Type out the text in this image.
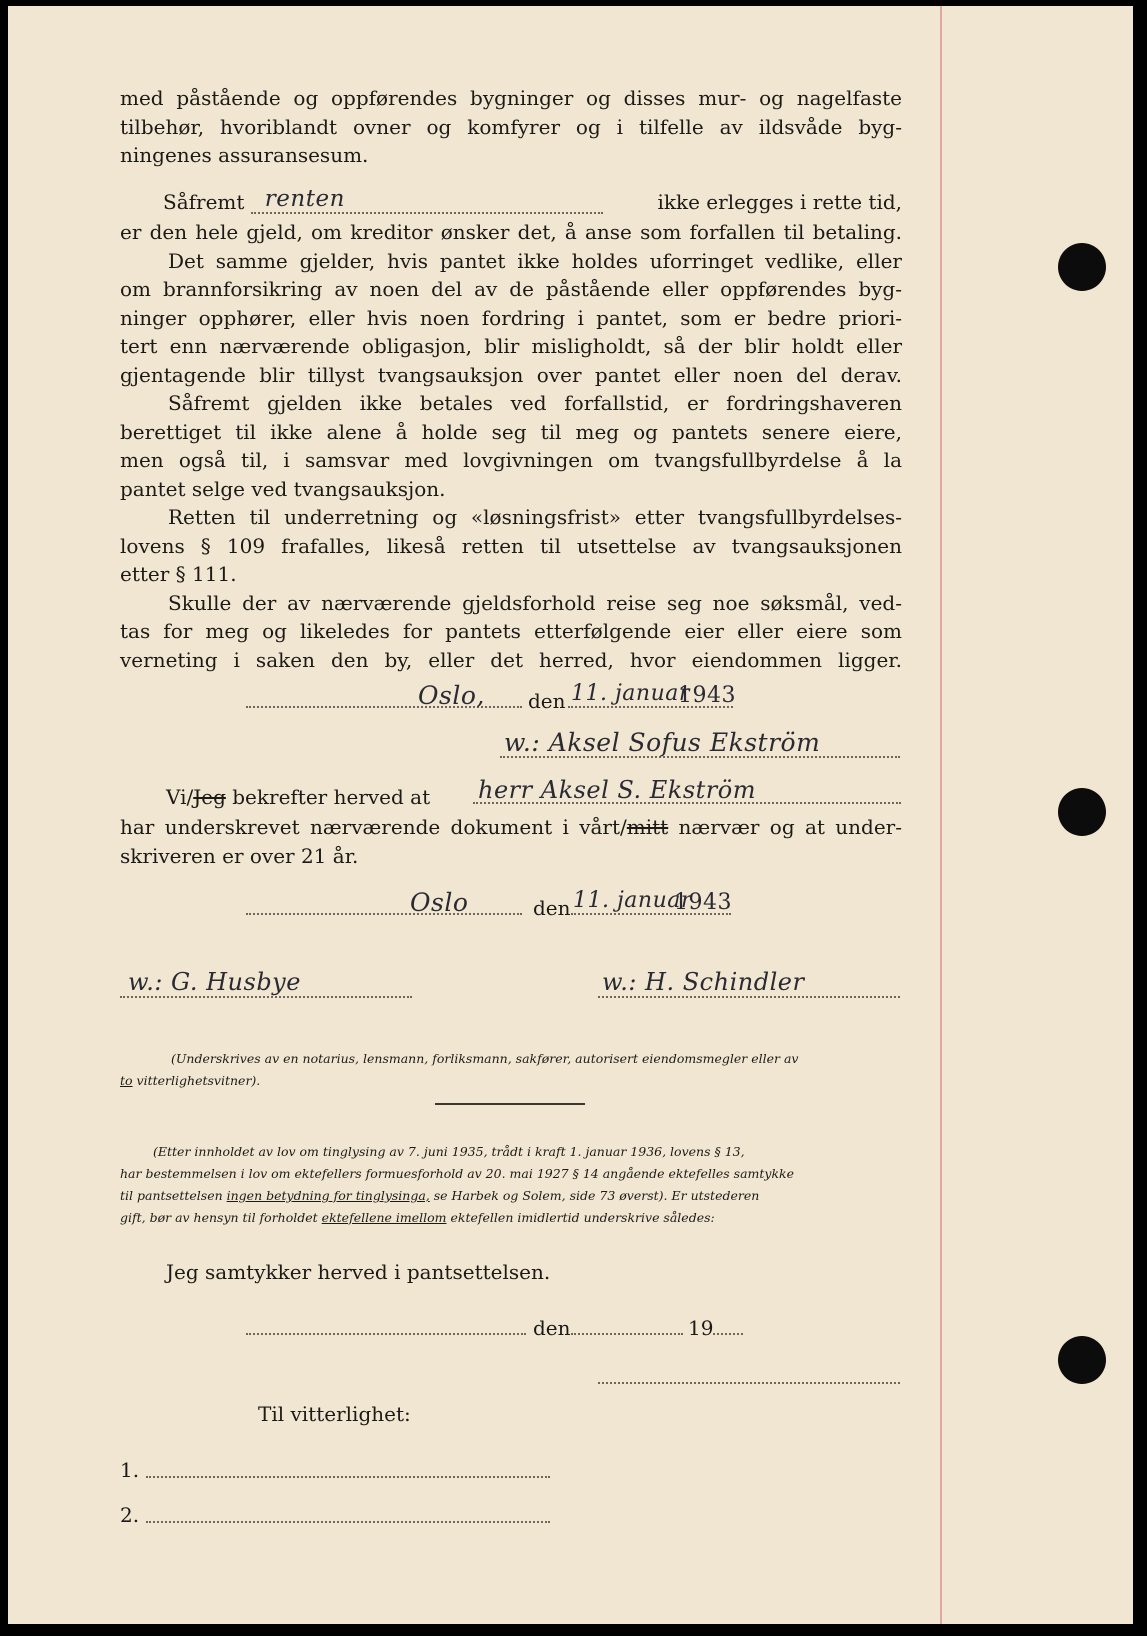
med påstående og oppførendes bygninger og disses mur- og nagelfaste
tilbehør, hvoriblandt ovner og komfyrer og i tilfelle av ildsvåde byg-
ningenes assuransesum.
Såfremt renten	ikke erlegges i rette tid,
er den hele gjeld, om kreditor ønsker det, å anse som forfallen til betaling.
Det samme gjelder, hvis pantet ikke holdes uforringet vedlike, eller
om brannforsikring av noen del av de påstående eller oppførendes byg-
ninger opphører, eller hvis noen fordring i pantet, som er bedre priori-
tert enn nærværende obligasjon, blir misligholdt, så der blir holdt eller
gjentagende blir tillyst tvangsauksjon over pantet eller noen del derav.
Såfremt gjelden ikke betales ved forfallstid, er fordringshaveren
berettiget til ikke alene å holde seg til meg og pantets senere eiere,
men også til, i samsvar med lovgivningen om tvangsfullbyrdelse å la
pantet selge ved tvangsauksjon.
Retten til underretning og «løsningsfrist» etter tvangsfullbyrdelses-
lovens § 109 frafalles, likeså retten til utsettelse av tvangsauksjonen
etter § 111.
Skulle der av nærværende gjeldsforhold reise seg noe søksmål, ved-
tas for meg og likeledes for pantets etterfølgende eier eller eiere som
verneting i saken den by, eller det herred, hvor eiendommen ligger.
Oslo, den 11. januar
1943
w.: Aksel Sofus Ekström
Vi/Jeg bekrefter herved at herr Aksel S. Ekström
har underskrevet nærværende dokument i vårt/mitt nærvær og at under-
skriveren er over 21 år.
Oslo	den 11. januar
1943
w.: G. Husbye	w.: H. Schindler
(Underskrives av en notarius, lensmann, forliksmann, sakfører, autorisert eiendomsmegler eller av
to vitterlighetsvitner).
(Etter innholdet av lov om tinglysing av 7. juni 1935, trådt i kraft 1. januar 1936, lovens § 13,
har bestemmelsen i lov om ektefellers formuesforhold av 20. mai 1927 § 14 angående ektefelles samtykke
til pantsettelsen ingen betydning for tinglysinga, se Harbek og Solem, side 73 øverst). Er utstederen
gift, bør av hensyn til forholdet ektefellene imellom ektefellen imidlertid underskrive således:
Jeg samtykker herved i pantsettelsen.
den	19
Til vitterlighet:
1.
2.
